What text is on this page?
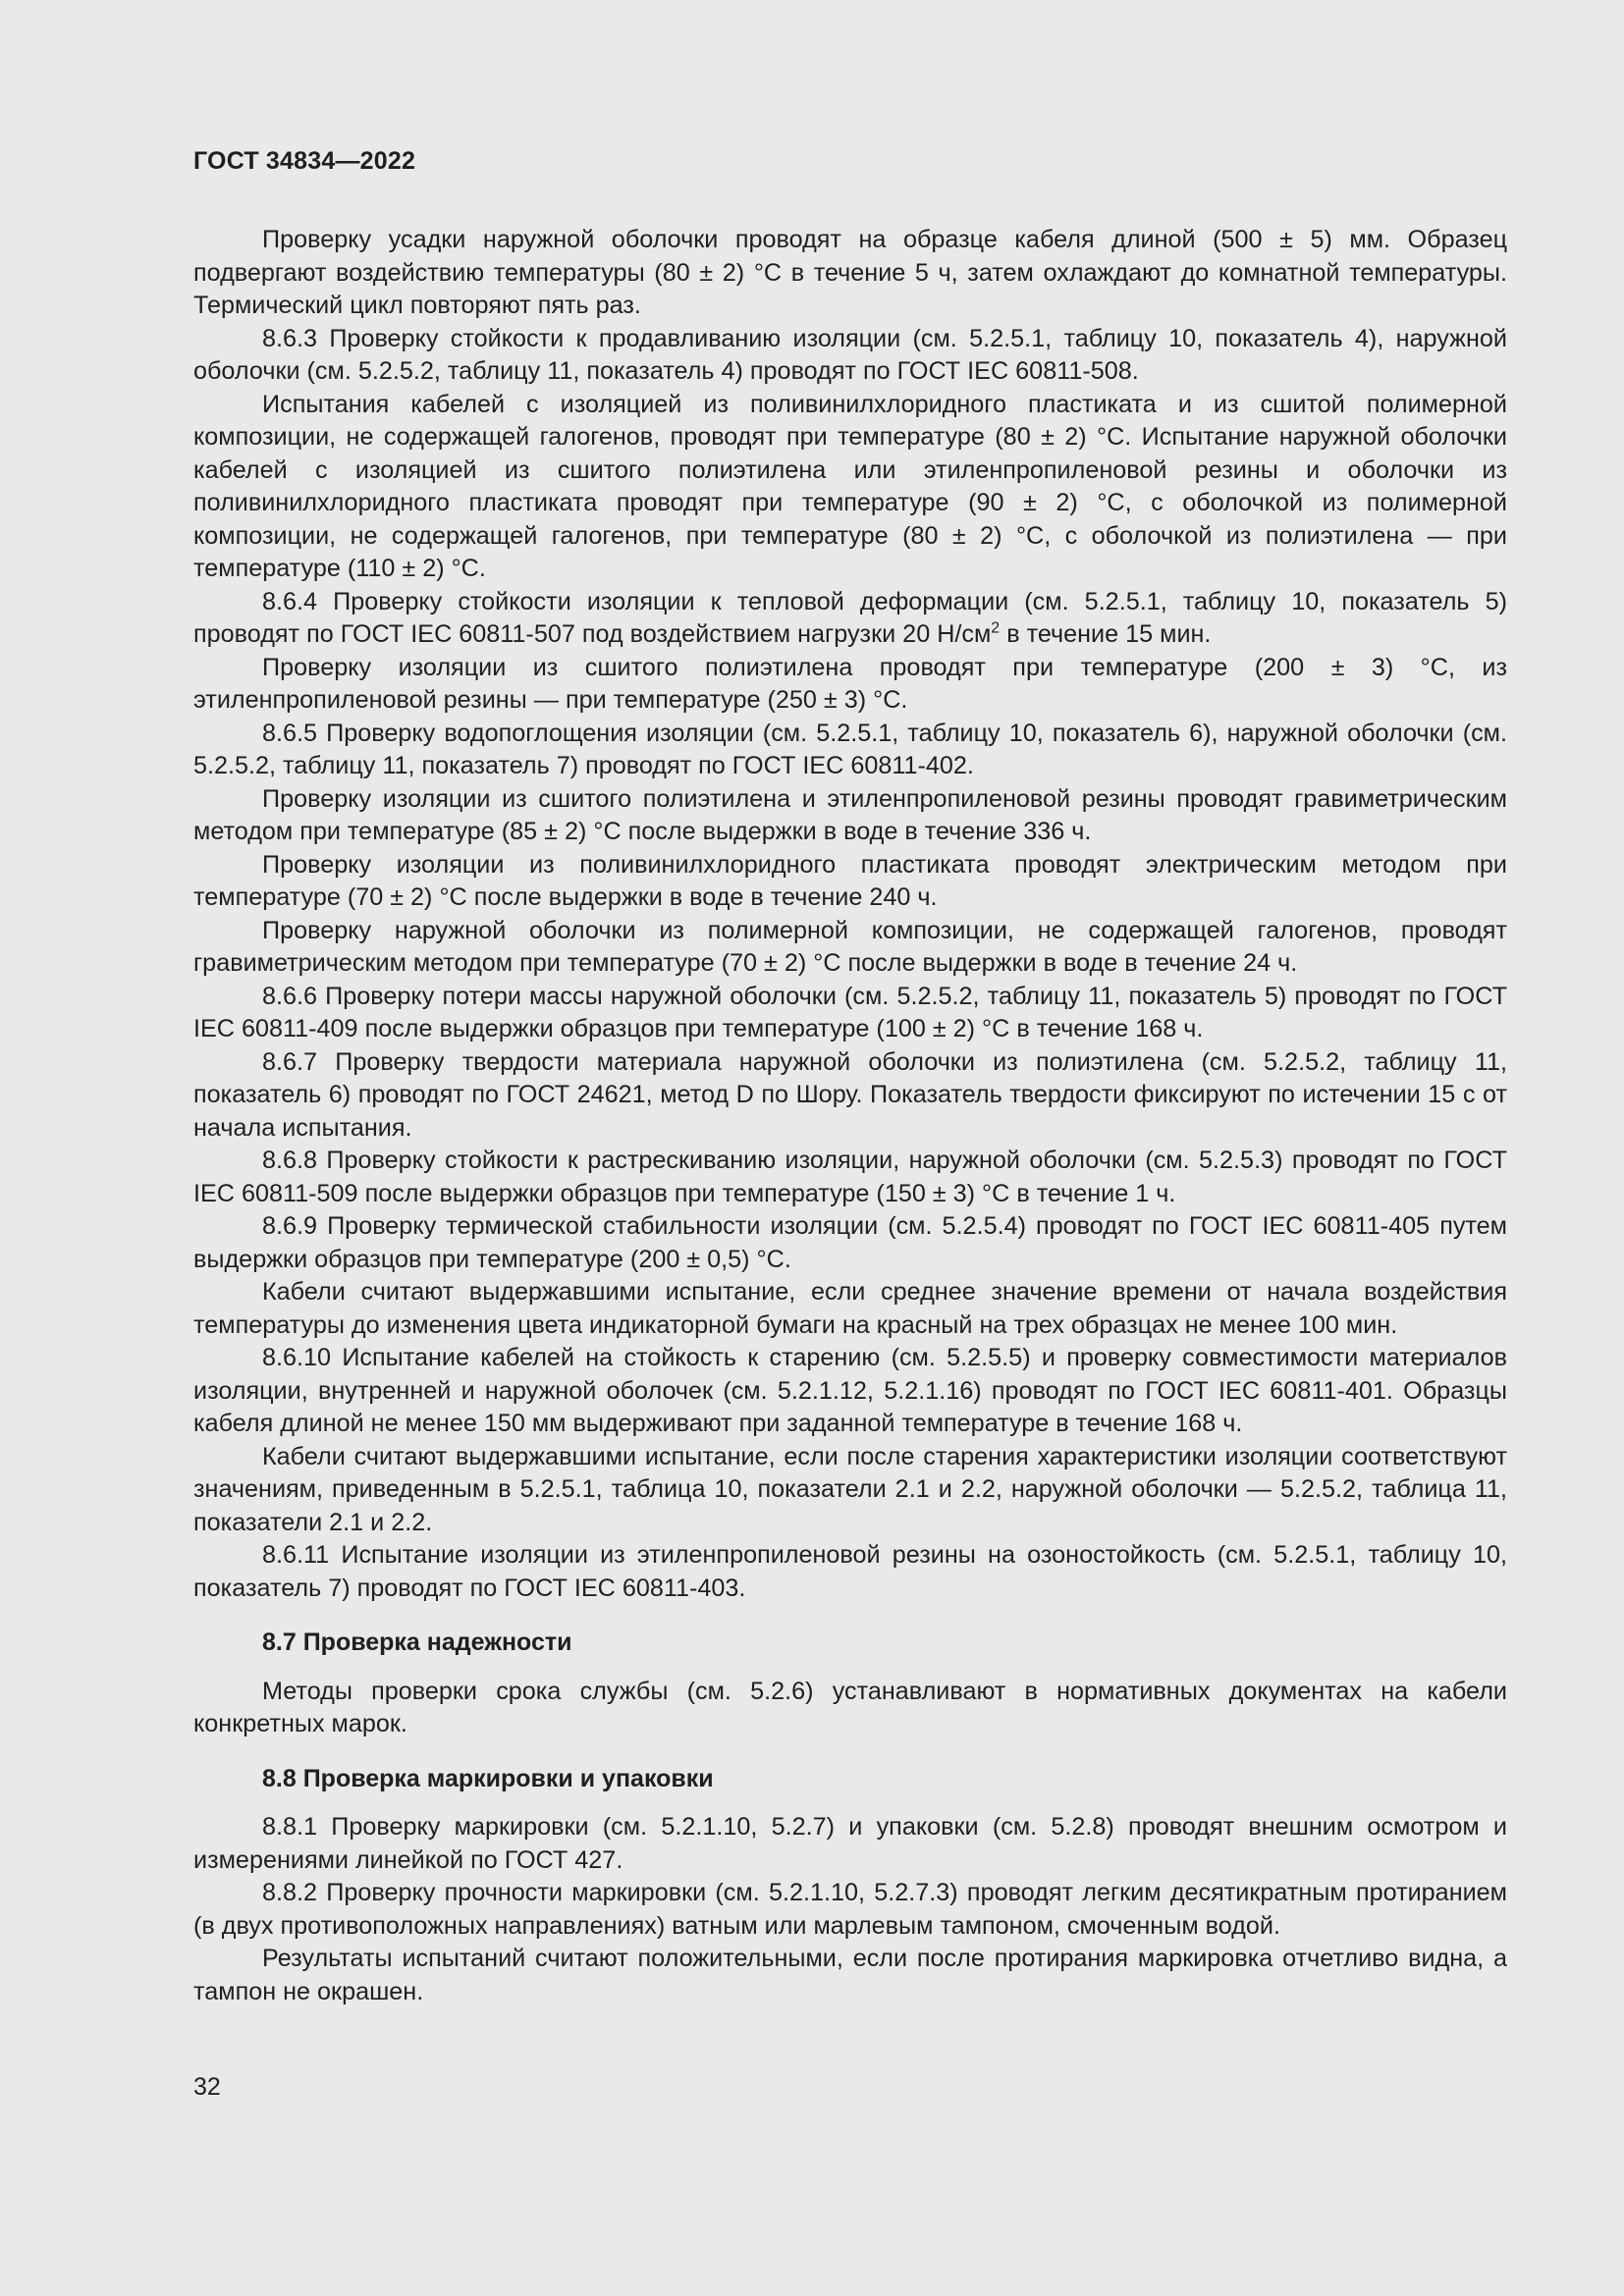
ГОСТ 34834—2022

Проверку усадки наружной оболочки проводят на образце кабеля длиной (500 ± 5) мм. Образец подвергают воздействию температуры (80 ± 2) °С в течение 5 ч, затем охлаждают до комнатной температуры. Термический цикл повторяют пять раз.

8.6.3 Проверку стойкости к продавливанию изоляции (см. 5.2.5.1, таблицу 10, показатель 4), наружной оболочки (см. 5.2.5.2, таблицу 11, показатель 4) проводят по ГОСТ IEC 60811-508.

Испытания кабелей с изоляцией из поливинилхлоридного пластиката и из сшитой полимерной композиции, не содержащей галогенов, проводят при температуре (80 ± 2) °С. Испытание наружной оболочки кабелей с изоляцией из сшитого полиэтилена или этиленпропиленовой резины и оболочки из поливинилхлоридного пластиката проводят при температуре (90 ± 2) °С, с оболочкой из полимерной композиции, не содержащей галогенов, при температуре (80 ± 2) °С, с оболочкой из полиэтилена — при температуре (110 ± 2) °С.

8.6.4 Проверку стойкости изоляции к тепловой деформации (см. 5.2.5.1, таблицу 10, показатель 5) проводят по ГОСТ IEC 60811-507 под воздействием нагрузки 20 $Н/см^2$ в течение 15 мин.

Проверку изоляции из сшитого полиэтилена проводят при температуре (200 ± 3) °С, из этиленпропиленовой резины — при температуре (250 ± 3) °С.

8.6.5 Проверку водопоглощения изоляции (см. 5.2.5.1, таблицу 10, показатель 6), наружной оболочки (см. 5.2.5.2, таблицу 11, показатель 7) проводят по ГОСТ IEC 60811-402.

Проверку изоляции из сшитого полиэтилена и этиленпропиленовой резины проводят гравиметрическим методом при температуре (85 ± 2) °С после выдержки в воде в течение 336 ч.

Проверку изоляции из поливинилхлоридного пластиката проводят электрическим методом при температуре (70 ± 2) °С после выдержки в воде в течение 240 ч.

Проверку наружной оболочки из полимерной композиции, не содержащей галогенов, проводят гравиметрическим методом при температуре (70 ± 2) °С после выдержки в воде в течение 24 ч.

8.6.6 Проверку потери массы наружной оболочки (см. 5.2.5.2, таблицу 11, показатель 5) проводят по ГОСТ IEC 60811-409 после выдержки образцов при температуре (100 ± 2) °С в течение 168 ч.

8.6.7 Проверку твердости материала наружной оболочки из полиэтилена (см. 5.2.5.2, таблицу 11, показатель 6) проводят по ГОСТ 24621, метод D по Шору. Показатель твердости фиксируют по истечении 15 с от начала испытания.

8.6.8 Проверку стойкости к растрескиванию изоляции, наружной оболочки (см. 5.2.5.3) проводят по ГОСТ IEC 60811-509 после выдержки образцов при температуре (150 ± 3) °С в течение 1 ч.

8.6.9 Проверку термической стабильности изоляции (см. 5.2.5.4) проводят по ГОСТ IEC 60811-405 путем выдержки образцов при температуре (200 ± 0,5) °С.

Кабели считают выдержавшими испытание, если среднее значение времени от начала воздействия температуры до изменения цвета индикаторной бумаги на красный на трех образцах не менее 100 мин.

8.6.10 Испытание кабелей на стойкость к старению (см. 5.2.5.5) и проверку совместимости материалов изоляции, внутренней и наружной оболочек (см. 5.2.1.12, 5.2.1.16) проводят по ГОСТ IEC 60811-401. Образцы кабеля длиной не менее 150 мм выдерживают при заданной температуре в течение 168 ч.

Кабели считают выдержавшими испытание, если после старения характеристики изоляции соответствуют значениям, приведенным в 5.2.5.1, таблица 10, показатели 2.1 и 2.2, наружной оболочки — 5.2.5.2, таблица 11, показатели 2.1 и 2.2.

8.6.11 Испытание изоляции из этиленпропиленовой резины на озоностойкость (см. 5.2.5.1, таблицу 10, показатель 7) проводят по ГОСТ IEC 60811-403.

8.7 Проверка надежности

Методы проверки срока службы (см. 5.2.6) устанавливают в нормативных документах на кабели конкретных марок.

8.8 Проверка маркировки и упаковки

8.8.1 Проверку маркировки (см. 5.2.1.10, 5.2.7) и упаковки (см. 5.2.8) проводят внешним осмотром и измерениями линейкой по ГОСТ 427.

8.8.2 Проверку прочности маркировки (см. 5.2.1.10, 5.2.7.3) проводят легким десятикратным протиранием (в двух противоположных направлениях) ватным или марлевым тампоном, смоченным водой.

Результаты испытаний считают положительными, если после протирания маркировка отчетливо видна, а тампон не окрашен.

32
